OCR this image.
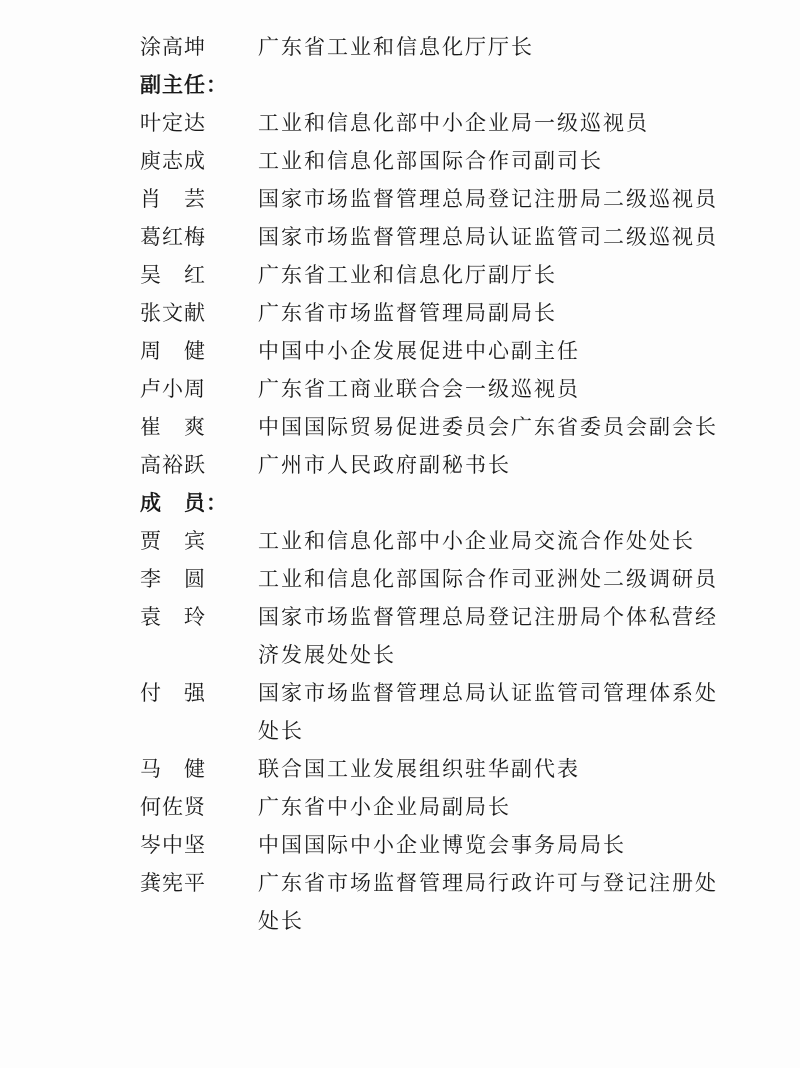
涂高坤	广东省工业和信息化厅厅长
副主任：
叶定达	工业和信息化部中小企业局一级巡视员
庾志成	工业和信息化部国际合作司副司长
肖　芸	国家市场监督管理总局登记注册局二级巡视员
葛红梅	国家市场监督管理总局认证监管司二级巡视员
吴　红	广东省工业和信息化厅副厅长
张文献	广东省市场监督管理局副局长
周　健	中国中小企发展促进中心副主任
卢小周	广东省工商业联合会一级巡视员
崔　爽	中国国际贸易促进委员会广东省委员会副会长
高裕跃	广州市人民政府副秘书长
成　员：
贾　宾	工业和信息化部中小企业局交流合作处处长
李　圆	工业和信息化部国际合作司亚洲处二级调研员
袁　玲	国家市场监督管理总局登记注册局个体私营经济发展处处长
付　强	国家市场监督管理总局认证监管司管理体系处处长
马　健	联合国工业发展组织驻华副代表
何佐贤	广东省中小企业局副局长
岑中坚	中国国际中小企业博览会事务局局长
龚宪平	广东省市场监督管理局行政许可与登记注册处处长
